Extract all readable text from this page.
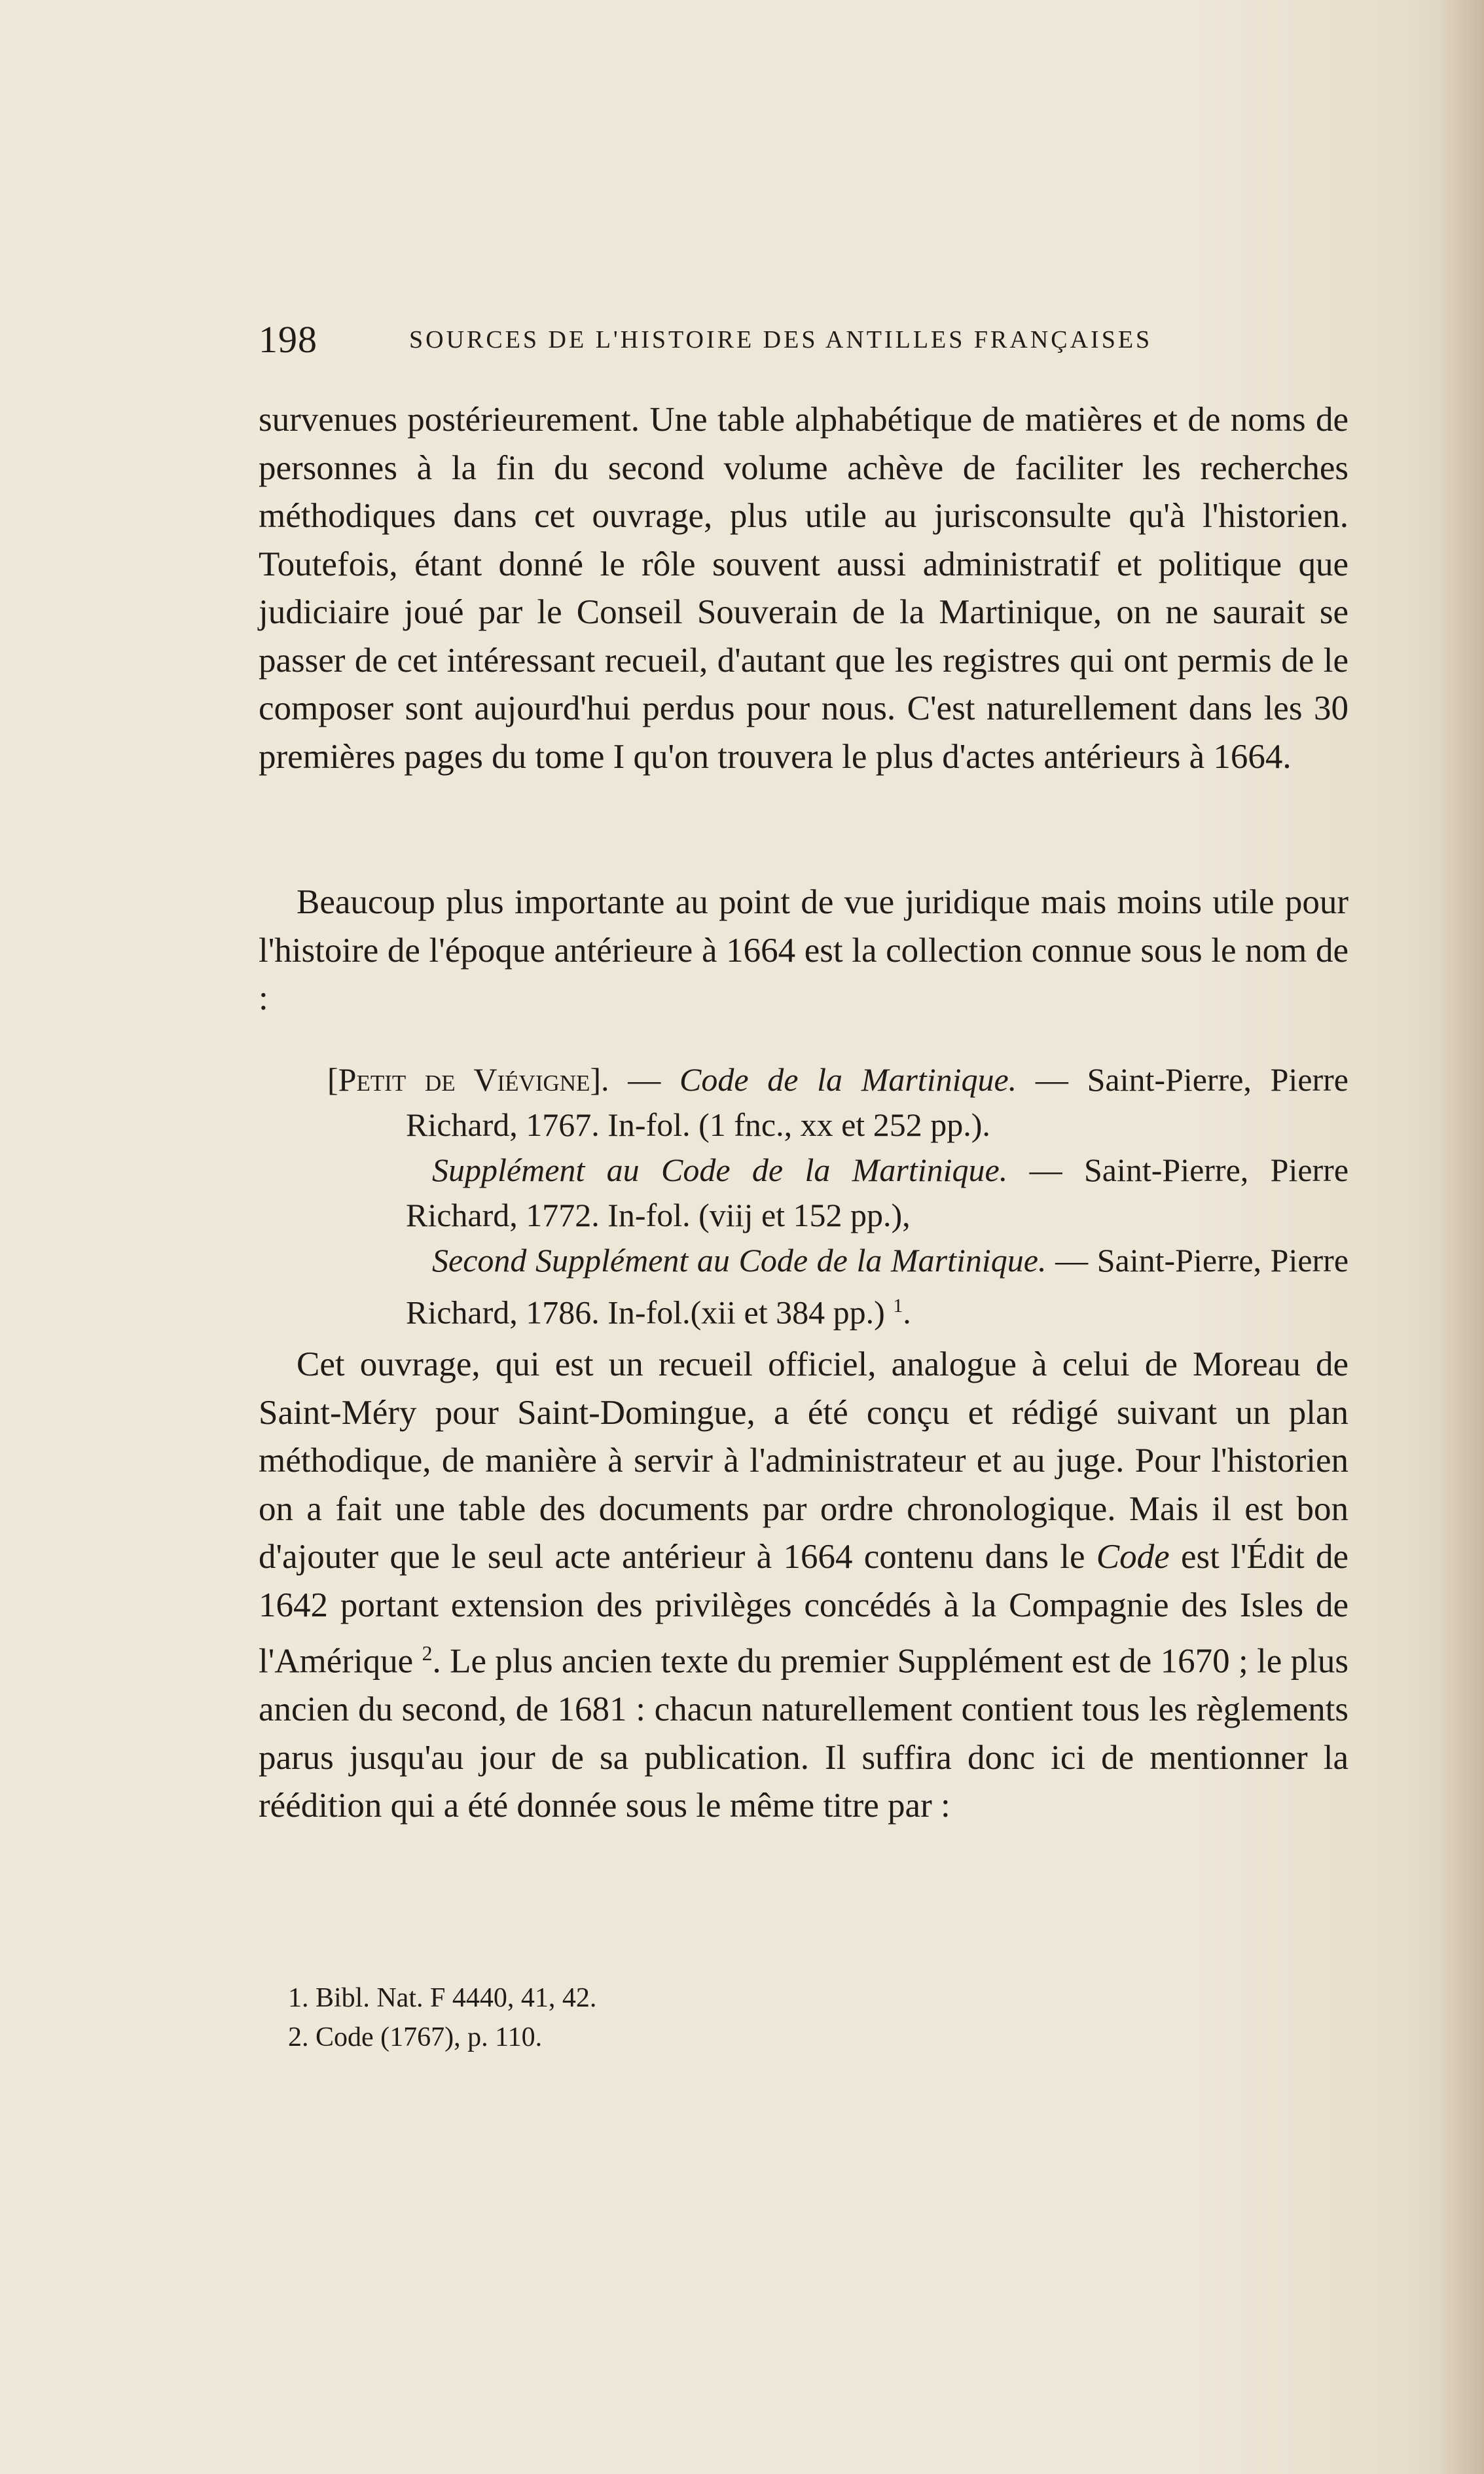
198	SOURCES DE L'HISTOIRE DES ANTILLES FRANÇAISES

survenues postérieurement. Une table alphabétique de matières et de noms de personnes à la fin du second volume achève de faciliter les recherches méthodiques dans cet ouvrage, plus utile au jurisconsulte qu'à l'historien. Toutefois, étant donné le rôle souvent aussi administratif et politique que judiciaire joué par le Conseil Souverain de la Martinique, on ne saurait se passer de cet intéressant recueil, d'autant que les registres qui ont permis de le composer sont aujourd'hui perdus pour nous. C'est naturellement dans les 30 premières pages du tome I qu'on trouvera le plus d'actes antérieurs à 1664.

Beaucoup plus importante au point de vue juridique mais moins utile pour l'histoire de l'époque antérieure à 1664 est la collection connue sous le nom de :

[Petit de Viévigne]. — Code de la Martinique. — Saint-Pierre, Pierre Richard, 1767. In-fol. (1 fnc., xx et 252 pp.).

Supplément au Code de la Martinique. — Saint-Pierre, Pierre Richard, 1772. In-fol. (viij et 152 pp.),

Second Supplément au Code de la Martinique. — Saint-Pierre, Pierre Richard, 1786. In-fol.(xii et 384 pp.) $^1$.

Cet ouvrage, qui est un recueil officiel, analogue à celui de Moreau de Saint-Méry pour Saint-Domingue, a été conçu et rédigé suivant un plan méthodique, de manière à servir à l'administrateur et au juge. Pour l'historien on a fait une table des documents par ordre chronologique. Mais il est bon d'ajouter que le seul acte antérieur à 1664 contenu dans le Code est l'Édit de 1642 portant extension des privilèges concédés à la Compagnie des Isles de l'Amérique $^2$. Le plus ancien texte du premier Supplément est de 1670 ; le plus ancien du second, de 1681 : chacun naturellement contient tous les règlements parus jusqu'au jour de sa publication. Il suffira donc ici de mentionner la réédition qui a été donnée sous le même titre par :

1. Bibl. Nat. F 4440, 41, 42.

2. Code (1767), p. 110.
